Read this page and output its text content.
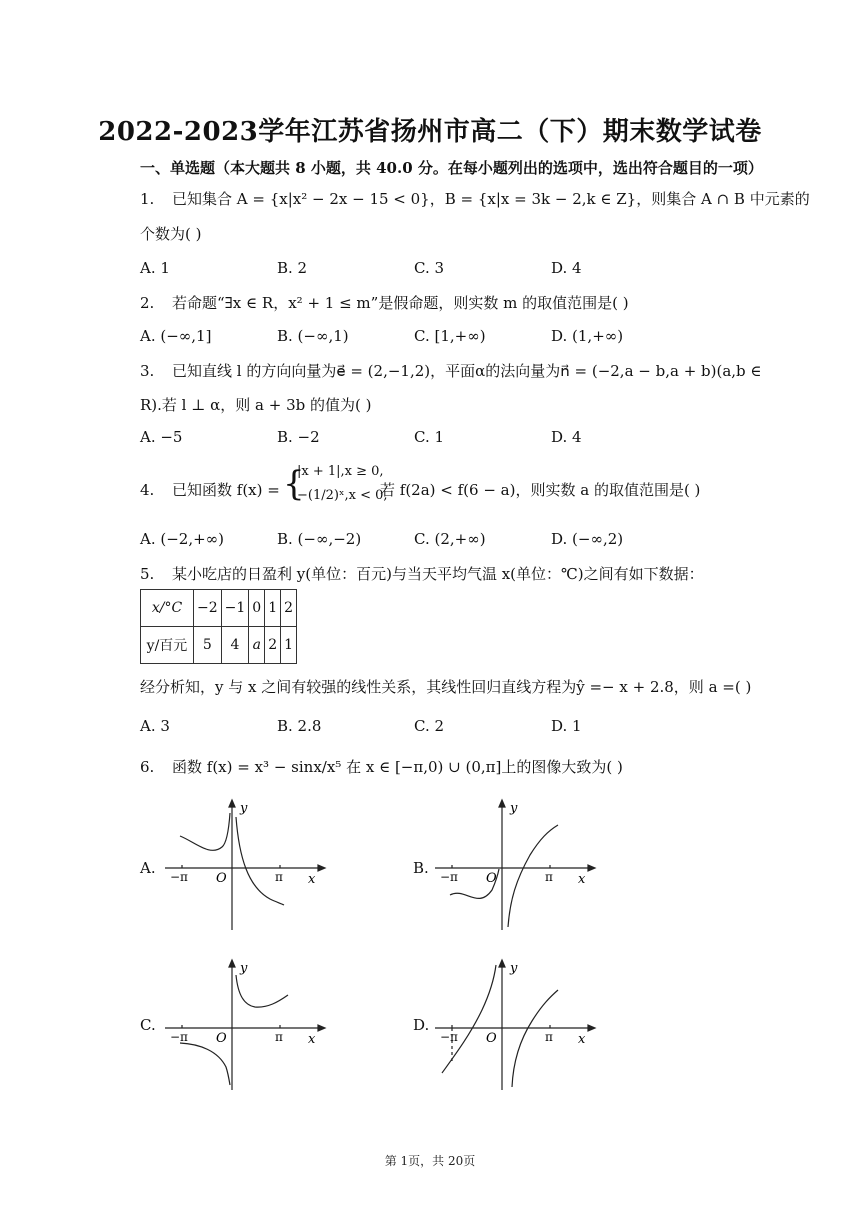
2022-2023学年江苏省扬州市高二（下）期末数学试卷
一、单选题（本大题共 8 小题，共 40.0 分。在每小题列出的选项中，选出符合题目的一项）
1. 已知集合 A = {x|x² − 2x − 15 < 0}，B = {x|x = 3k − 2,k ∈ Z}，则集合 A ∩ B 中元素的
个数为( )
A. 1	B. 2	C. 3	D. 4
2. 若命题“∃x ∈ R，x² + 1 ≤ m”是假命题，则实数 m 的取值范围是( )
A. (−∞,1]	B. (−∞,1)	C. [1,+∞)	D. (1,+∞)
3. 已知直线 l 的方向向量为e⃗ = (2,−1,2)，平面α的法向量为n⃗ = (−2,a − b,a + b)(a,b ∈
R).若 l ⊥ α，则 a + 3b 的值为( )
A. −5	B. −2	C. 1	D. 4
4. 已知函数 f(x) = {
|x + 1|,x ≥ 0,
−(1/2)ˣ,x < 0,
若 f(2a) < f(6 − a)，则实数 a 的取值范围是( )
A. (−2,+∞)	B. (−∞,−2)	C. (2,+∞)	D. (−∞,2)
5. 某小吃店的日盈利 y(单位：百元)与当天平均气温 x(单位：℃)之间有如下数据：
x/°C	−2	−1	0	1	2
y/百元	5	4	a	2	1
经分析知，y 与 x 之间有较强的线性关系，其线性回归直线方程为ŷ =− x + 2.8，则 a =( )
A. 3	B. 2.8	C. 2	D. 1
6. 函数 f(x) = x³ − sinx/x⁵ 在 x ∈ [−π,0) ∪ (0,π]上的图像大致为( )
A.	B.
C.	D.
y
x
O
−π	π
y
x
O
−π	π
y
x
O
−π	π
y
x
O
−π	π
第 1页，共 20页
